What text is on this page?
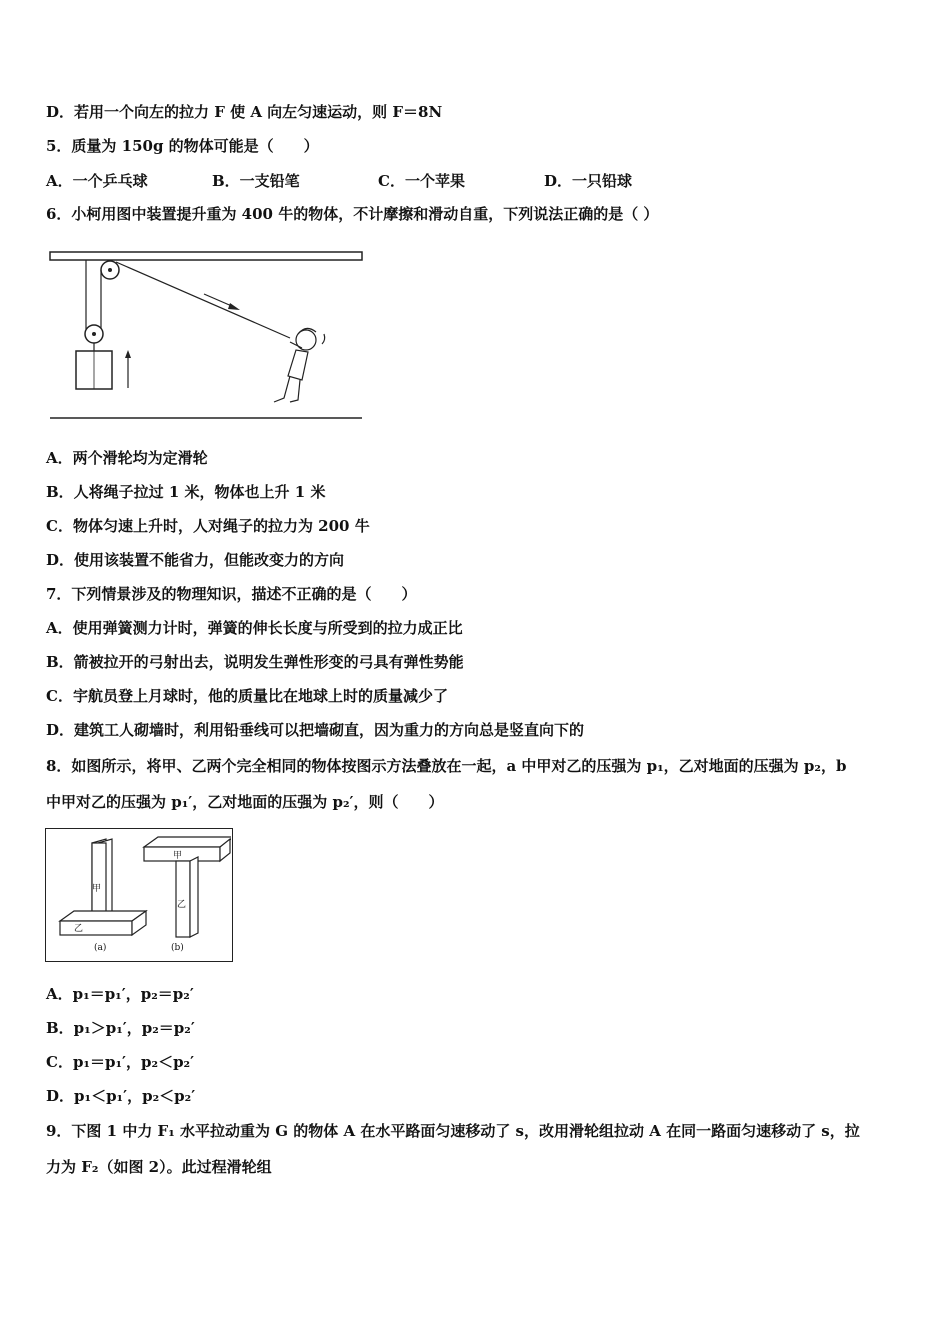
D．若用一个向左的拉力 F 使 A 向左匀速运动，则 F＝8N
5．质量为 150g 的物体可能是（　　）
A．一个乒乓球	B．一支铅笔	C．一个苹果	D．一只铅球
6．小柯用图中装置提升重为 400 牛的物体，不计摩擦和滑动自重，下列说法正确的是（ ）
A．两个滑轮均为定滑轮
B．人将绳子拉过 1 米，物体也上升 1 米
C．物体匀速上升时，人对绳子的拉力为 200 牛
D．使用该装置不能省力，但能改变力的方向
7．下列情景涉及的物理知识，描述不正确的是（　　）
A．使用弹簧测力计时，弹簧的伸长长度与所受到的拉力成正比
B．箭被拉开的弓射出去，说明发生弹性形变的弓具有弹性势能
C．宇航员登上月球时，他的质量比在地球上时的质量减少了
D．建筑工人砌墙时，利用铅垂线可以把墙砌直，因为重力的方向总是竖直向下的
8．如图所示，将甲、乙两个完全相同的物体按图示方法叠放在一起，a 中甲对乙的压强为 p₁，乙对地面的压强为 p₂，b
中甲对乙的压强为 p₁′，乙对地面的压强为 p₂′，则（　　）
甲
乙
甲
乙
(a)	(b)
A．p₁＝p₁′，p₂＝p₂′
B．p₁＞p₁′，p₂＝p₂′
C．p₁＝p₁′，p₂＜p₂′
D．p₁＜p₁′，p₂＜p₂′
9．下图 1 中力 F₁ 水平拉动重为 G 的物体 A 在水平路面匀速移动了 s，改用滑轮组拉动 A 在同一路面匀速移动了 s，拉
力为 F₂（如图 2）。此过程滑轮组
